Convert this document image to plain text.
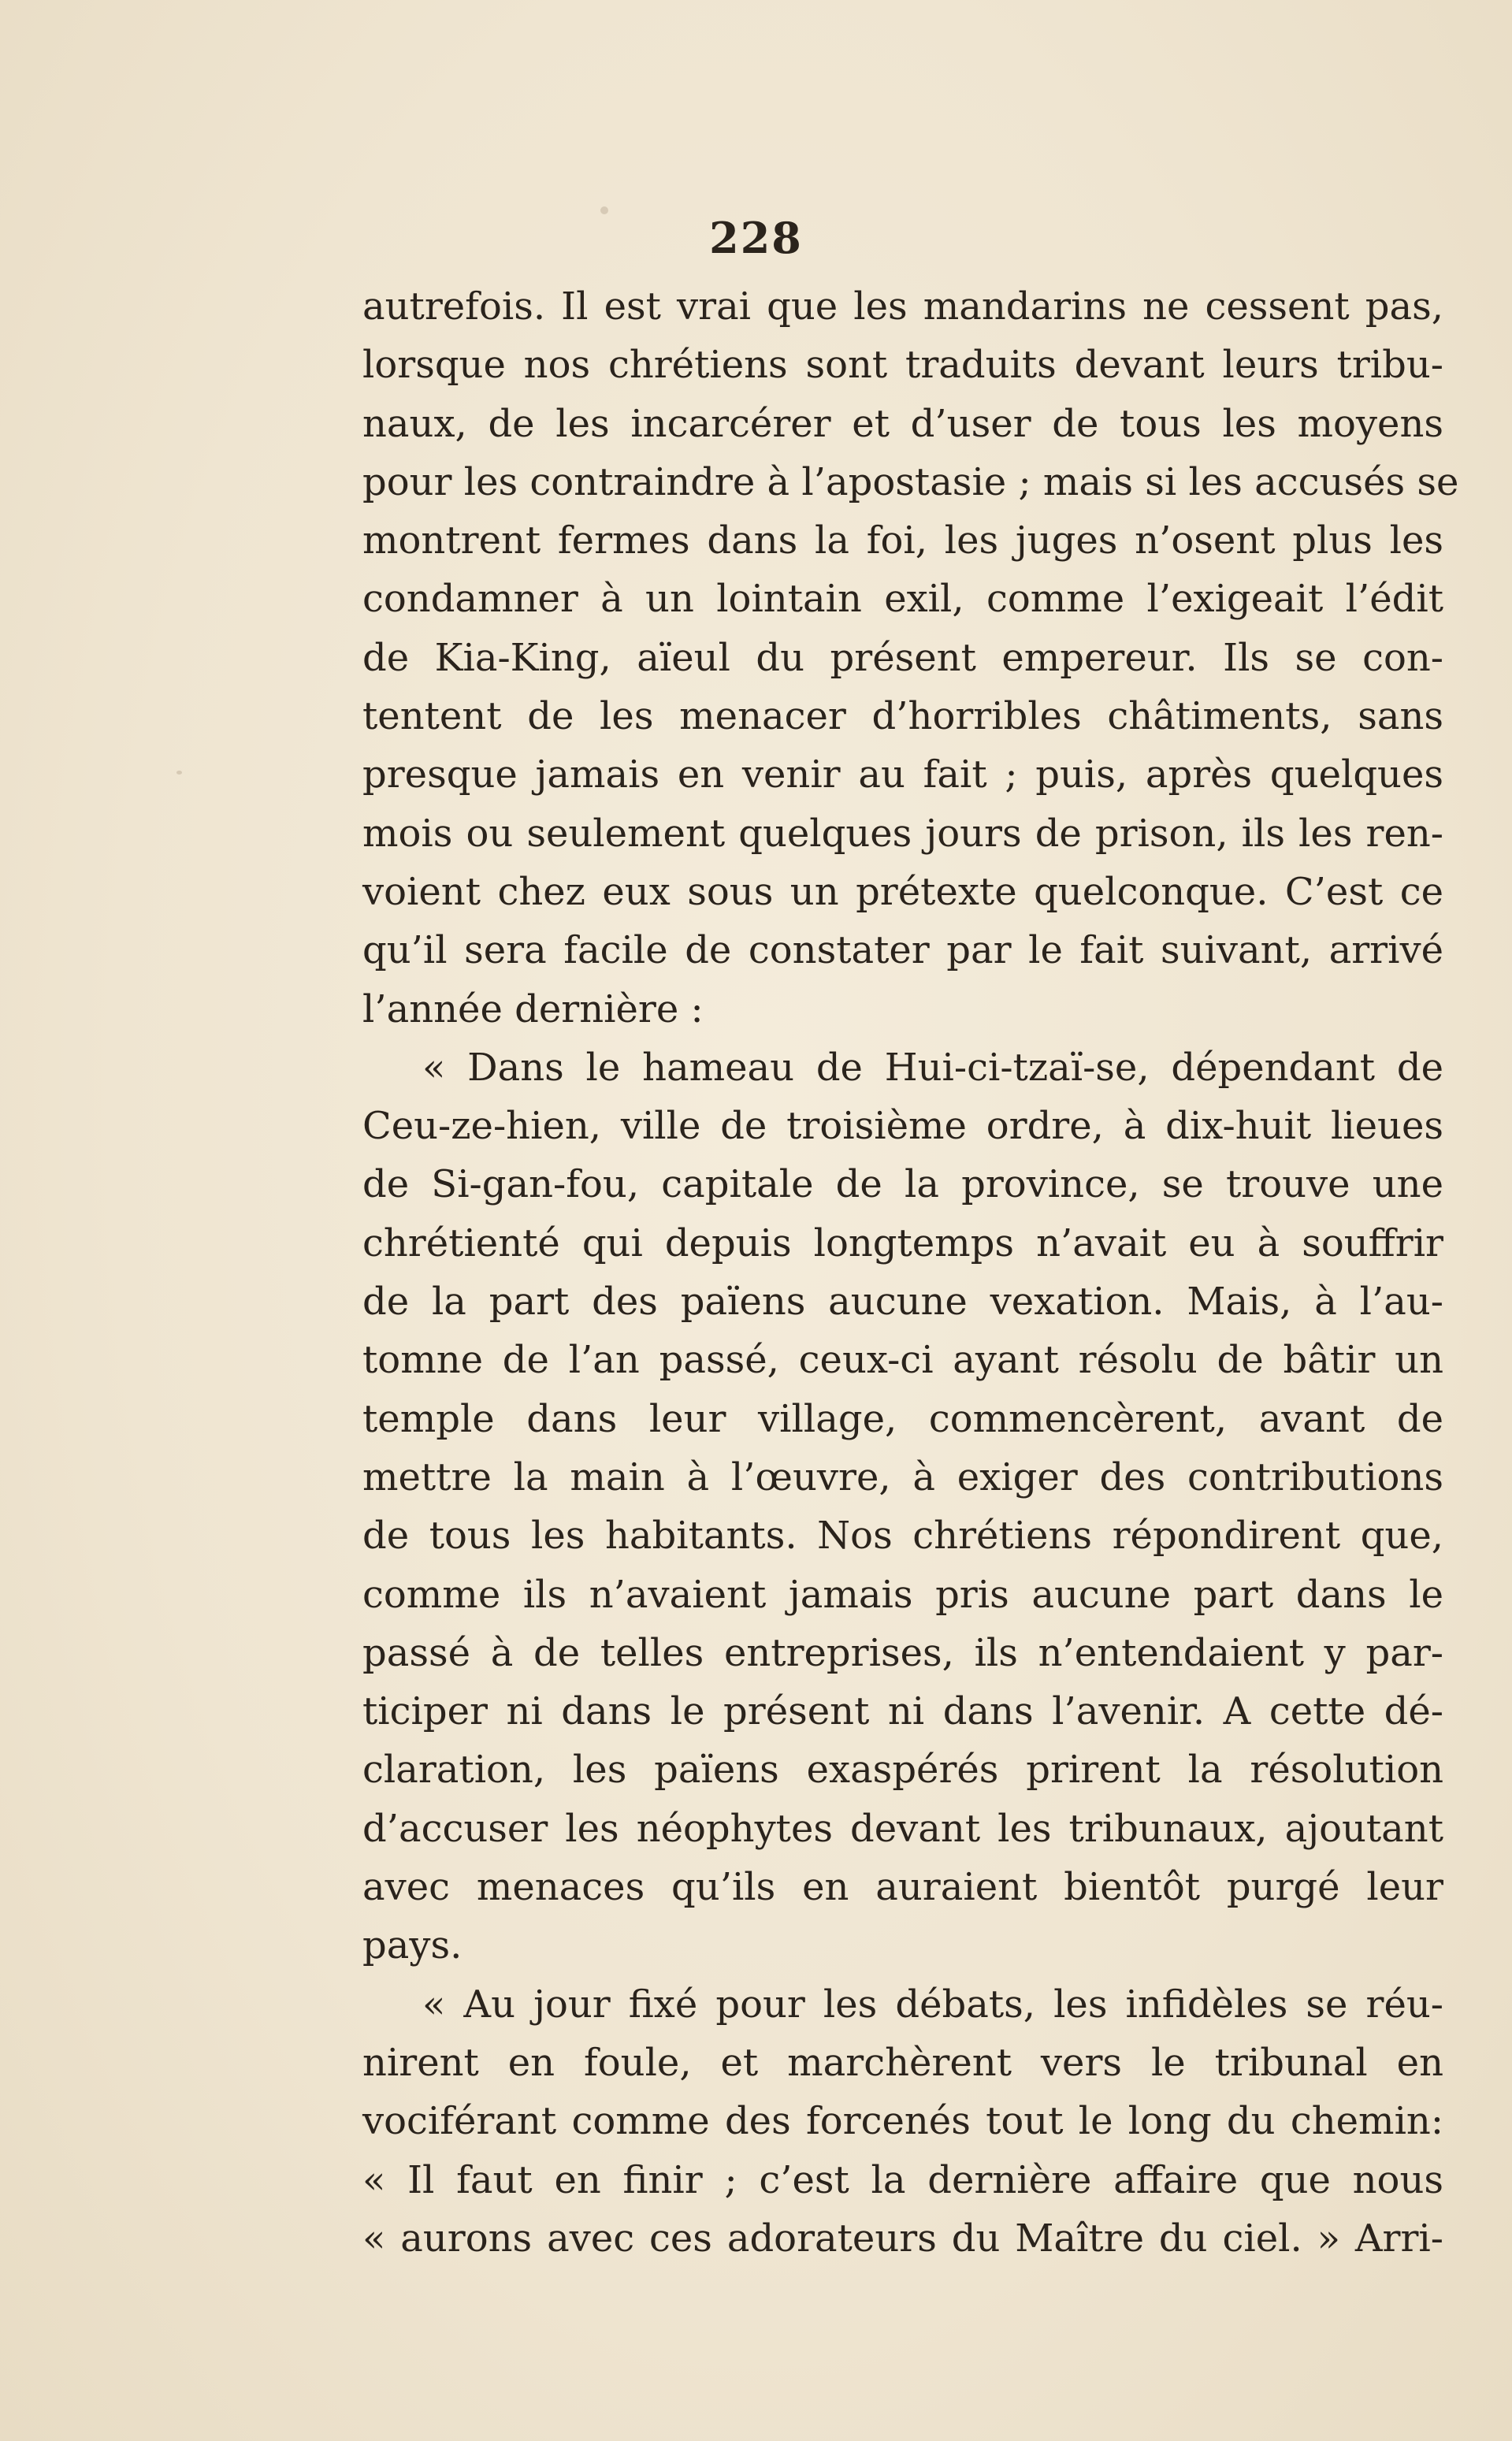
228
autrefois. Il est vrai que les mandarins ne cessent pas,
lorsque nos chrétiens sont traduits devant leurs tribu-
naux, de les incarcérer et d’user de tous les moyens
pour les contraindre à l’apostasie ; mais si les accusés se
montrent fermes dans la foi, les juges n’osent plus les
condamner à un lointain exil, comme l’exigeait l’édit
de Kia-King, aïeul du présent empereur. Ils se con-
tentent de les menacer d’horribles châtiments, sans
presque jamais en venir au fait ; puis, après quelques
mois ou seulement quelques jours de prison, ils les ren-
voient chez eux sous un prétexte quelconque. C’est ce
qu’il sera facile de constater par le fait suivant, arrivé
l’année dernière :
« Dans le hameau de Hui-ci-tzaï-se, dépendant de
Ceu-ze-hien, ville de troisième ordre, à dix-huit lieues
de Si-gan-fou, capitale de la province, se trouve une
chrétienté qui depuis longtemps n’avait eu à souffrir
de la part des païens aucune vexation. Mais, à l’au-
tomne de l’an passé, ceux-ci ayant résolu de bâtir un
temple dans leur village, commencèrent, avant de
mettre la main à l’œuvre, à exiger des contributions
de tous les habitants. Nos chrétiens répondirent que,
comme ils n’avaient jamais pris aucune part dans le
passé à de telles entreprises, ils n’entendaient y par-
ticiper ni dans le présent ni dans l’avenir. A cette dé-
claration, les païens exaspérés prirent la résolution
d’accuser les néophytes devant les tribunaux, ajoutant
avec menaces qu’ils en auraient bientôt purgé leur
pays.
« Au jour fixé pour les débats, les infidèles se réu-
nirent en foule, et marchèrent vers le tribunal en
vociférant comme des forcenés tout le long du chemin:
« Il faut en finir ; c’est la dernière affaire que nous
« aurons avec ces adorateurs du Maître du ciel. » Arri-
